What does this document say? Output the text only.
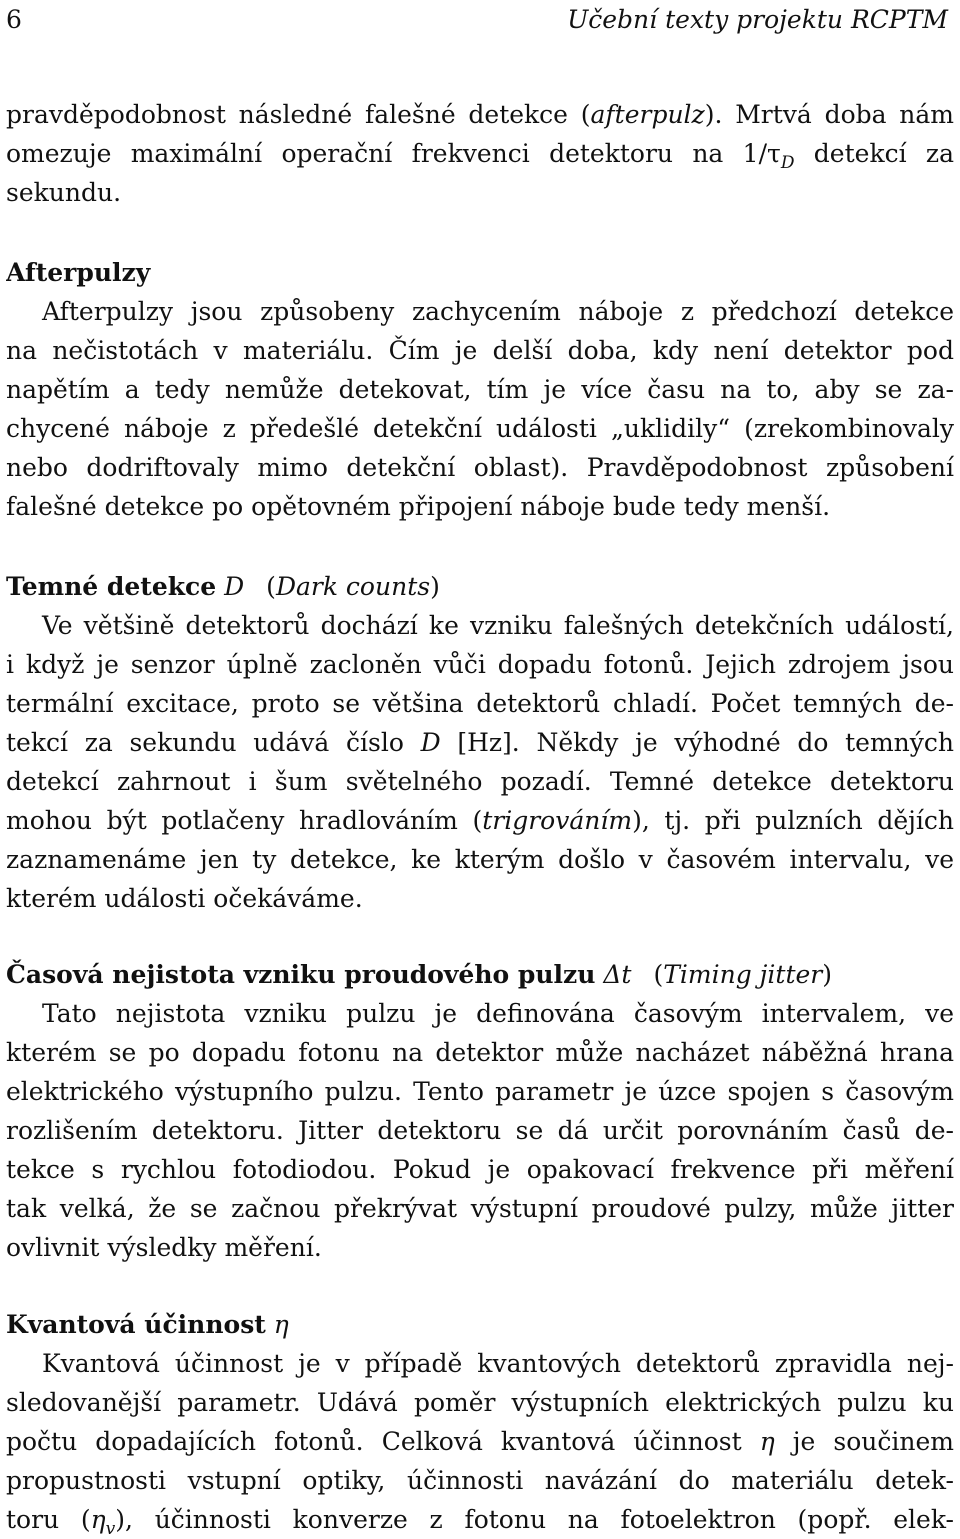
6	Učební texty projektu RCPTM
pravděpodobnost následné falešné detekce (afterpulz). Mrtvá doba nám
omezuje maximální operační frekvenci detektoru na $1/\tau_D$ detekcí za
sekundu.
Afterpulzy
Afterpulzy jsou způsobeny zachycením náboje z předchozí detekce
na nečistotách v materiálu. Čím je delší doba, kdy není detektor pod
napětím a tedy nemůže detekovat, tím je více času na to, aby se za-
chycené náboje z předešlé detekční události „uklidily“ (zrekombinovaly
nebo dodriftovaly mimo detekční oblast). Pravděpodobnost způsobení
falešné detekce po opětovném připojení náboje bude tedy menší.
Temné detekce D (Dark counts)
Ve většině detektorů dochází ke vzniku falešných detekčních událostí,
i když je senzor úplně zacloněn vůči dopadu fotonů. Jejich zdrojem jsou
termální excitace, proto se většina detektorů chladí. Počet temných de-
tekcí za sekundu udává číslo D [Hz]. Někdy je výhodné do temných
detekcí zahrnout i šum světelného pozadí. Temné detekce detektoru
mohou být potlačeny hradlováním (trigrováním), tj. při pulzních dějích
zaznamenáme jen ty detekce, ke kterým došlo v časovém intervalu, ve
kterém události očekáváme.
Časová nejistota vzniku proudového pulzu Δt (Timing jitter)
Tato nejistota vzniku pulzu je definována časovým intervalem, ve
kterém se po dopadu fotonu na detektor může nacházet náběžná hrana
elektrického výstupního pulzu. Tento parametr je úzce spojen s časovým
rozlišením detektoru. Jitter detektoru se dá určit porovnáním časů de-
tekce s rychlou fotodiodou. Pokud je opakovací frekvence při měření
tak velká, že se začnou překrývat výstupní proudové pulzy, může jitter
ovlivnit výsledky měření.
Kvantová účinnost η
Kvantová účinnost je v případě kvantových detektorů zpravidla nej-
sledovanější parametr. Udává poměr výstupních elektrických pulzu ku
počtu dopadajících fotonů. Celková kvantová účinnost η je součinem
propustnosti vstupní optiky, účinnosti navázání do materiálu detek-
toru $(\eta_v)$, účinnosti konverze z fotonu na fotoelektron (popř. elek-
